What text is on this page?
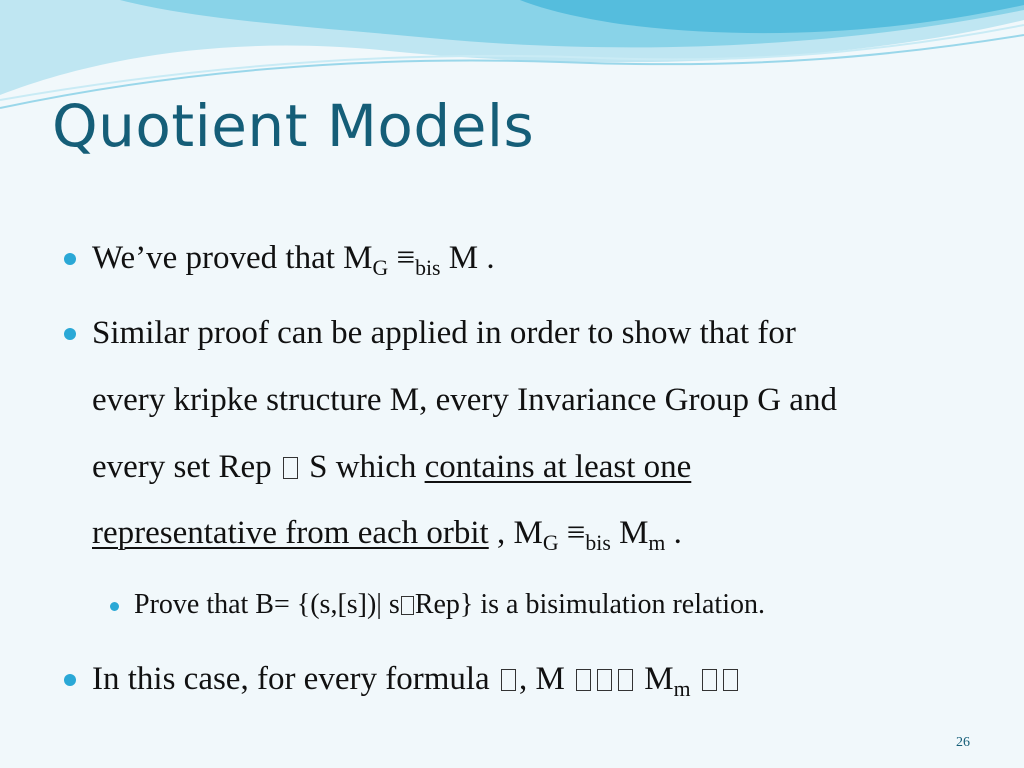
Quotient Models
We’ve proved that $M_G \equiv_{bis}$ M .
Similar proof can be applied in order to show that for
every kripke structure M, every Invariance Group G and
every set Rep  S which contains at least one
representative from each orbit , $M_G \equiv_{bis}$ $M_m$ .
Prove that B= {(s,[s])| s Rep} is a bisimulation relation.
In this case, for every formula , M  $M_m$
26
